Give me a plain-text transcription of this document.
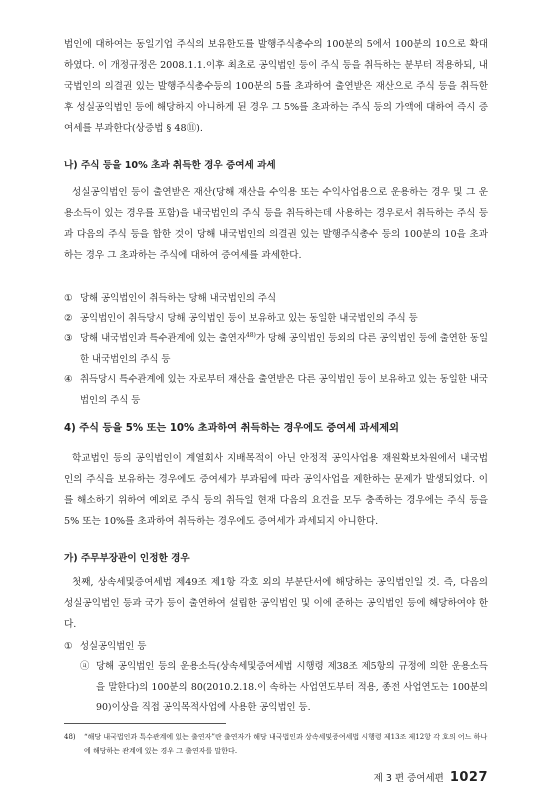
법인에 대하여는 동일기업 주식의 보유한도를 발행주식총수의 100분의 5에서 100분의 10으로 확대하였다. 이 개정규정은 2008.1.1.이후 최초로 공익법인 등이 주식 등을 취득하는 분부터 적용하되, 내국법인의 의결권 있는 발행주식총수등의 100분의 5를 초과하여 출연받은 재산으로 주식 등을 취득한 후 성실공익법인 등에 해당하지 아니하게 된 경우 그 5%를 초과하는 주식 등의 가액에 대하여 즉시 증여세를 부과한다(상증법 § 48⑪).

나) 주식 등을 10% 초과 취득한 경우 증여세 과세

성실공익법인 등이 출연받은 재산(당해 재산을 수익용 또는 수익사업용으로 운용하는 경우 및 그 운용소득이 있는 경우를 포함)을 내국법인의 주식 등을 취득하는데 사용하는 경우로서 취득하는 주식 등과 다음의 주식 등을 합한 것이 당해 내국법인의 의결권 있는 발행주식총수 등의 100분의 10을 초과하는 경우 그 초과하는 주식에 대하여 증여세를 과세한다.

① 당해 공익법인이 취득하는 당해 내국법인의 주식
② 공익법인이 취득당시 당해 공익법인 등이 보유하고 있는 동일한 내국법인의 주식 등
③ 당해 내국법인과 특수관계에 있는 출연자$^{48)}$가 당해 공익법인 등외의 다른 공익법인 등에 출연한 동일한 내국법인의 주식 등
④ 취득당시 특수관계에 있는 자로부터 재산을 출연받은 다른 공익법인 등이 보유하고 있는 동일한 내국법인의 주식 등
4) 주식 등을 5% 또는 10% 초과하여 취득하는 경우에도 증여세 과세제외

학교법인 등의 공익법인이 계열회사 지배목적이 아닌 안정적 공익사업용 재원확보차원에서 내국법인의 주식을 보유하는 경우에도 증여세가 부과됨에 따라 공익사업을 제한하는 문제가 발생되었다. 이를 해소하기 위하여 예외로 주식 등의 취득일 현재 다음의 요건을 모두 충족하는 경우에는 주식 등을 5% 또는 10%를 초과하여 취득하는 경우에도 증여세가 과세되지 아니한다.

가) 주무부장관이 인정한 경우

첫째, 상속세및증여세법 제49조 제1항 각호 외의 부분단서에 해당하는 공익법인일 것. 즉, 다음의 성실공익법인 등과 국가 등이 출연하여 설립한 공익법인 및 이에 준하는 공익법인 등에 해당하여야 한다.

① 성실공익법인 등
ⓐ 당해 공익법인 등의 운용소득(상속세및증여세법 시행령 제38조 제5항의 규정에 의한 운용소득을 말한다)의 100분의 80(2010.2.18.이 속하는 사업연도부터 적용, 종전 사업연도는 100분의 90)이상을 직접 공익목적사업에 사용한 공익법인 등.
48)	“해당 내국법인과 특수관계에 있는 출연자”란 출연자가 해당 내국법인과 상속세및증여세법 시행령 제13조 제12항 각 호의 어느 하나에 해당하는 관계에 있는 경우 그 출연자를 말한다.
제 3 편 증여세편 1027
